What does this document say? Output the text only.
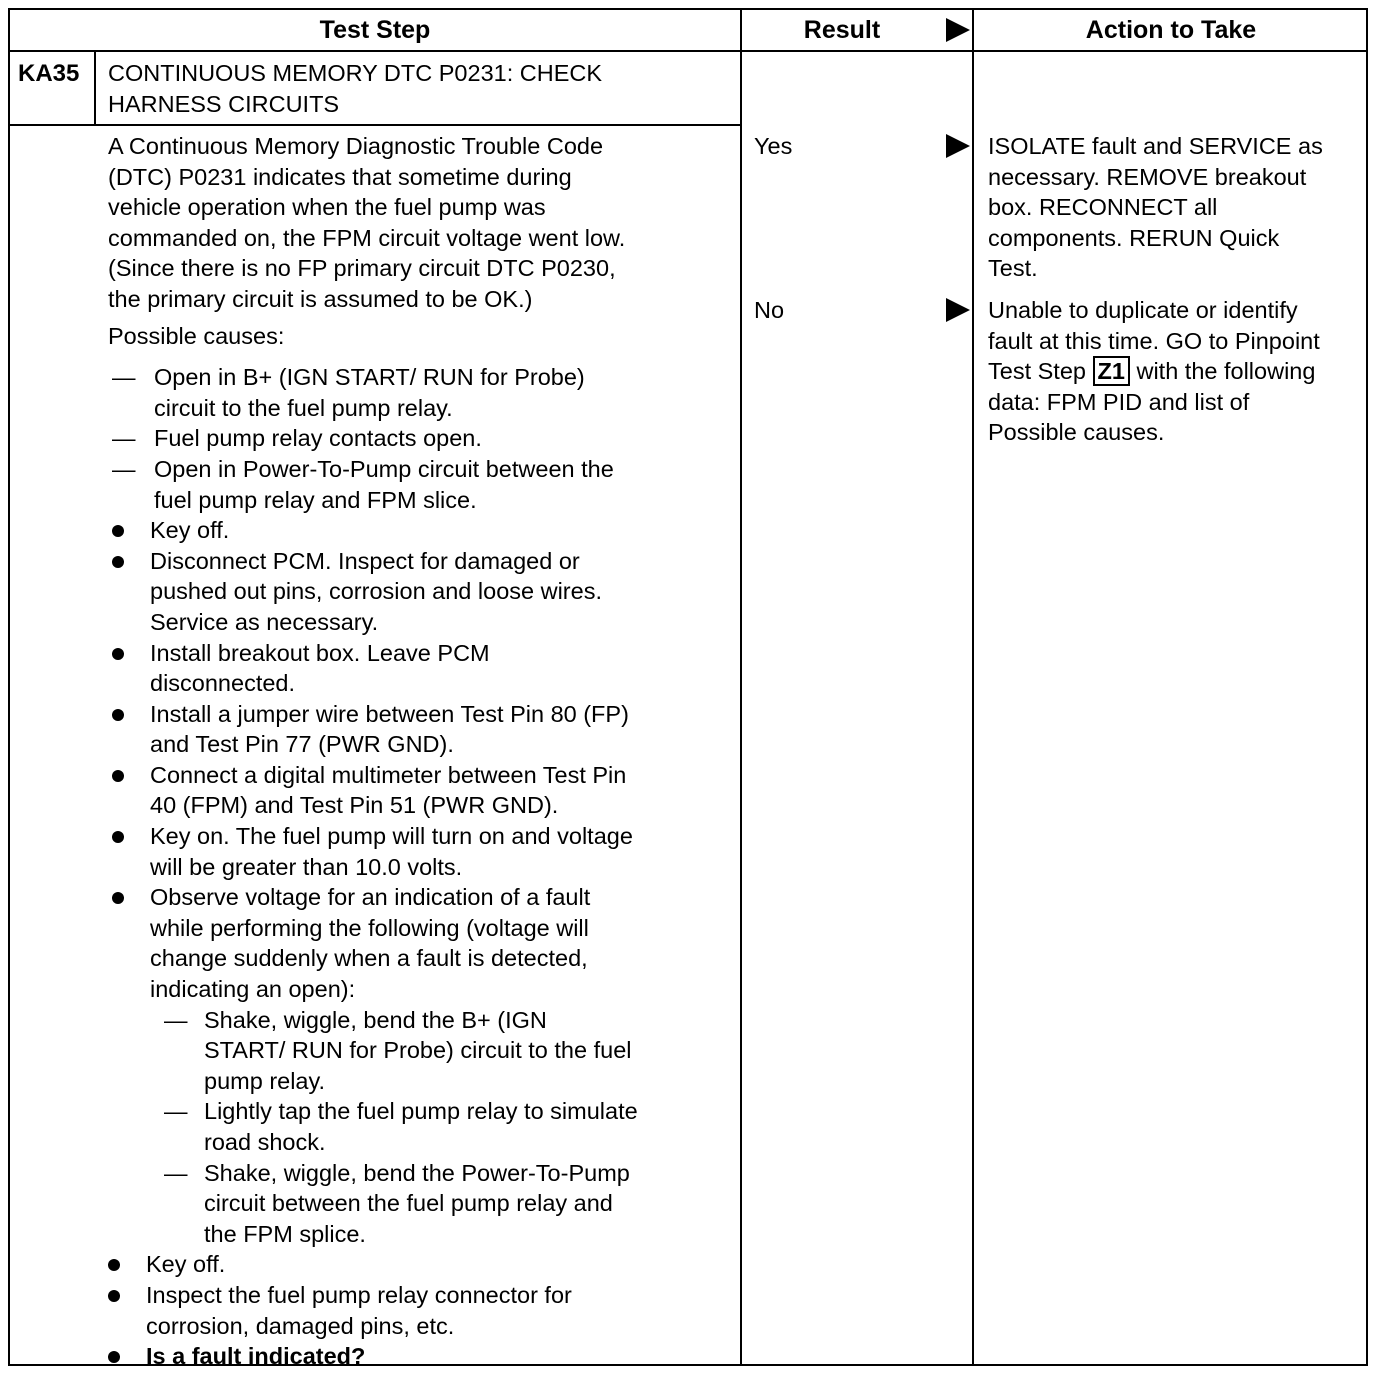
Test Step	Result	Action to Take
KA35 CONTINUOUS MEMORY DTC P0231: CHECK
HARNESS CIRCUITS
A Continuous Memory Diagnostic Trouble Code
(DTC) P0231 indicates that sometime during
vehicle operation when the fuel pump was
commanded on, the FPM circuit voltage went low.
(Since there is no FP primary circuit DTC P0230,
the primary circuit is assumed to be OK.)
Possible causes:
— Open in B+ (IGN START/ RUN for Probe)
circuit to the fuel pump relay.
— Fuel pump relay contacts open.
— Open in Power-To-Pump circuit between the
fuel pump relay and FPM slice.
Key off.
Disconnect PCM. Inspect for damaged or
pushed out pins, corrosion and loose wires.
Service as necessary.
Install breakout box. Leave PCM
disconnected.
Install a jumper wire between Test Pin 80 (FP)
and Test Pin 77 (PWR GND).
Connect a digital multimeter between Test Pin
40 (FPM) and Test Pin 51 (PWR GND).
Key on. The fuel pump will turn on and voltage
will be greater than 10.0 volts.
Observe voltage for an indication of a fault
while performing the following (voltage will
change suddenly when a fault is detected,
indicating an open):
— Shake, wiggle, bend the B+ (IGN
START/ RUN for Probe) circuit to the fuel
pump relay.
— Lightly tap the fuel pump relay to simulate
road shock.
— Shake, wiggle, bend the Power-To-Pump
circuit between the fuel pump relay and
the FPM splice.
Key off.
Inspect the fuel pump relay connector for
corrosion, damaged pins, etc.
Is a fault indicated?
Yes
No
ISOLATE fault and SERVICE as
necessary. REMOVE breakout
box. RECONNECT all
components. RERUN Quick
Test.
Unable to duplicate or identify
fault at this time. GO to Pinpoint
Test Step Z1 with the following
data: FPM PID and list of
Possible causes.
